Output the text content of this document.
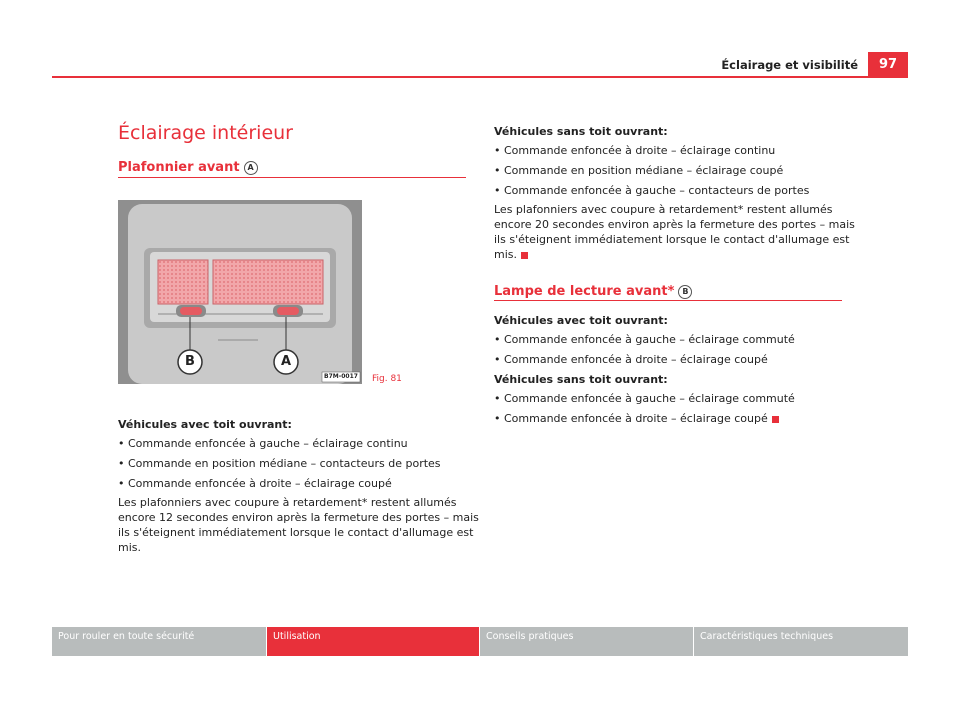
Éclairage et visibilité	97
Éclairage intérieur
Plafonnier avant A
B	A
B7M-0017 Fig. 81
Véhicules avec toit ouvrant:
• Commande enfoncée à gauche – éclairage continu
• Commande en position médiane – contacteurs de portes
• Commande enfoncée à droite – éclairage coupé
Les plafonniers avec coupure à retardement* restent allumés
encore 12 secondes environ après la fermeture des portes – mais
ils s'éteignent immédiatement lorsque le contact d'allumage est
mis.
Véhicules sans toit ouvrant:
• Commande enfoncée à droite – éclairage continu
• Commande en position médiane – éclairage coupé
• Commande enfoncée à gauche – contacteurs de portes
Les plafonniers avec coupure à retardement* restent allumés
encore 20 secondes environ après la fermeture des portes – mais
ils s'éteignent immédiatement lorsque le contact d'allumage est
mis.
Lampe de lecture avant* B
Véhicules avec toit ouvrant:
• Commande enfoncée à gauche – éclairage commuté
• Commande enfoncée à droite – éclairage coupé
Véhicules sans toit ouvrant:
• Commande enfoncée à gauche – éclairage commuté
• Commande enfoncée à droite – éclairage coupé
Pour rouler en toute sécurité	Utilisation	Conseils pratiques	Caractéristiques techniques
